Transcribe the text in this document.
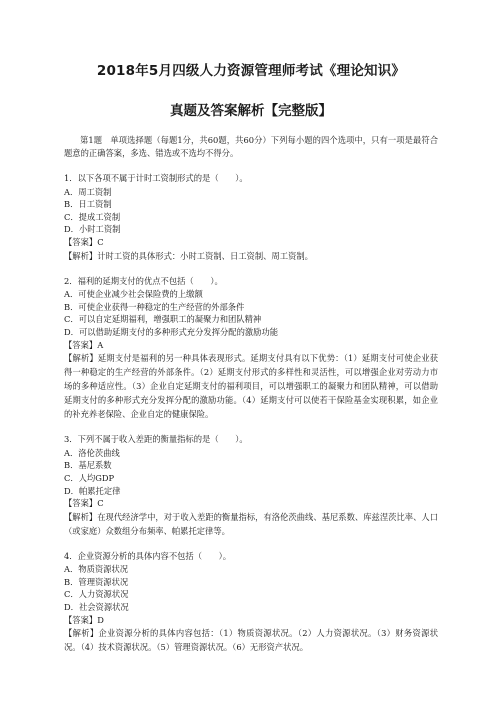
2018年5月四级人力资源管理师考试《理论知识》
真题及答案解析【完整版】

第1题　单项选择题（每题1分，共60题，共60分）下列每小题的四个选项中，只有一项是最符合题意的正确答案，多选、错选或不选均不得分。

1．以下各项不属于计时工资制形式的是（　　）。

A．周工资制

B．日工资制

C．提成工资制

D．小时工资制

【答案】C

【解析】计时工资的具体形式：小时工资制、日工资制、周工资制。

2．福利的延期支付的优点不包括（　　）。

A．可使企业减少社会保险费的上缴额

B．可使企业获得一种稳定的生产经营的外部条件

C．可以自定延期福利，增强职工的凝聚力和团队精神

D．可以借助延期支付的多种形式充分发挥分配的激励功能

【答案】A

【解析】延期支付是福利的另一种具体表现形式。延期支付具有以下优势：（1）延期支付可使企业获得一种稳定的生产经营的外部条件。（2）延期支付形式的多样性和灵活性，可以增强企业对劳动力市场的多种适应性。（3）企业自定延期支付的福利项目，可以增强职工的凝聚力和团队精神，可以借助延期支付的多种形式充分发挥分配的激励功能。（4）延期支付可以使若干保险基金实现积累，如企业的补充养老保险、企业自定的健康保险。

3．下列不属于收入差距的衡量指标的是（　　）。

A．洛伦茨曲线

B．基尼系数

C．人均GDP

D．帕累托定律

【答案】C

【解析】在现代经济学中，对于收入差距的衡量指标，有洛伦茨曲线、基尼系数、库兹涅茨比率、人口（或家庭）众数组分布频率、帕累托定律等。

4．企业资源分析的具体内容不包括（　　）。

A．物质资源状况

B．管理资源状况

C．人力资源状况

D．社会资源状况

【答案】D

【解析】企业资源分析的具体内容包括：（1）物质资源状况。（2）人力资源状况。（3）财务资源状况。（4）技术资源状况。（5）管理资源状况。（6）无形资产状况。
